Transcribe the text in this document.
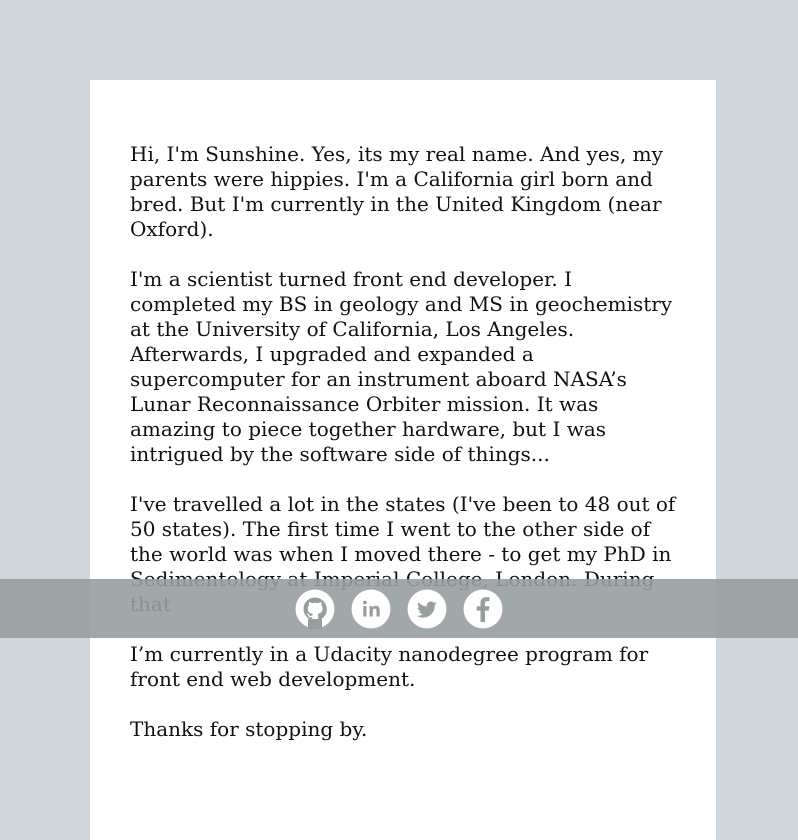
Hi, I'm Sunshine. Yes, its my real name. And yes, my parents were hippies. I'm a California girl born and bred. But I'm currently in the United Kingdom (near Oxford).

I'm a scientist turned front end developer. I completed my BS in geology and MS in geochemistry at the University of California, Los Angeles. Afterwards, I upgraded and expanded a supercomputer for an instrument aboard NASA’s Lunar Reconnaissance Orbiter mission. It was amazing to piece together hardware, but I was intrigued by the software side of things...

I've travelled a lot in the states (I've been to 48 out of 50 states). The first time I went to the other side of the world was when I moved there - to get my PhD in

I’m currently in a Udacity nanodegree program for front end web development.

Thanks for stopping by.
